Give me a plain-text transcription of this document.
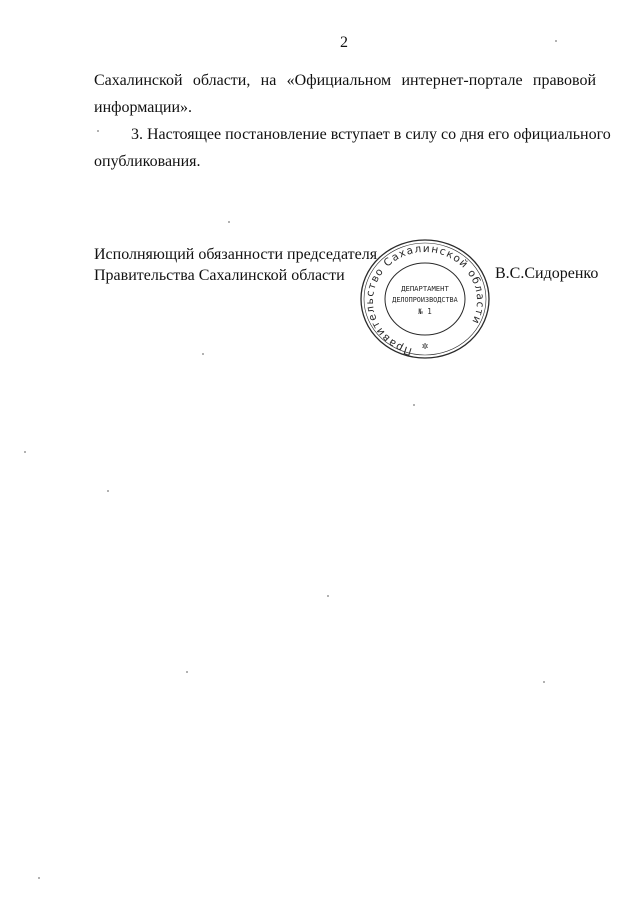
2
Сахалинской области, на «Официальном интернет-портале правовой
информации».
3. Настоящее постановление вступает в силу со дня его официального
опубликования.
Исполняющий обязанности председателя
Правительства Сахалинской области
Правительство Сахалинской области
ДЕПАРТАМЕНТ
ДЕЛОПРОИЗВОДСТВА
№ 1
✲
В.С.Сидоренко
